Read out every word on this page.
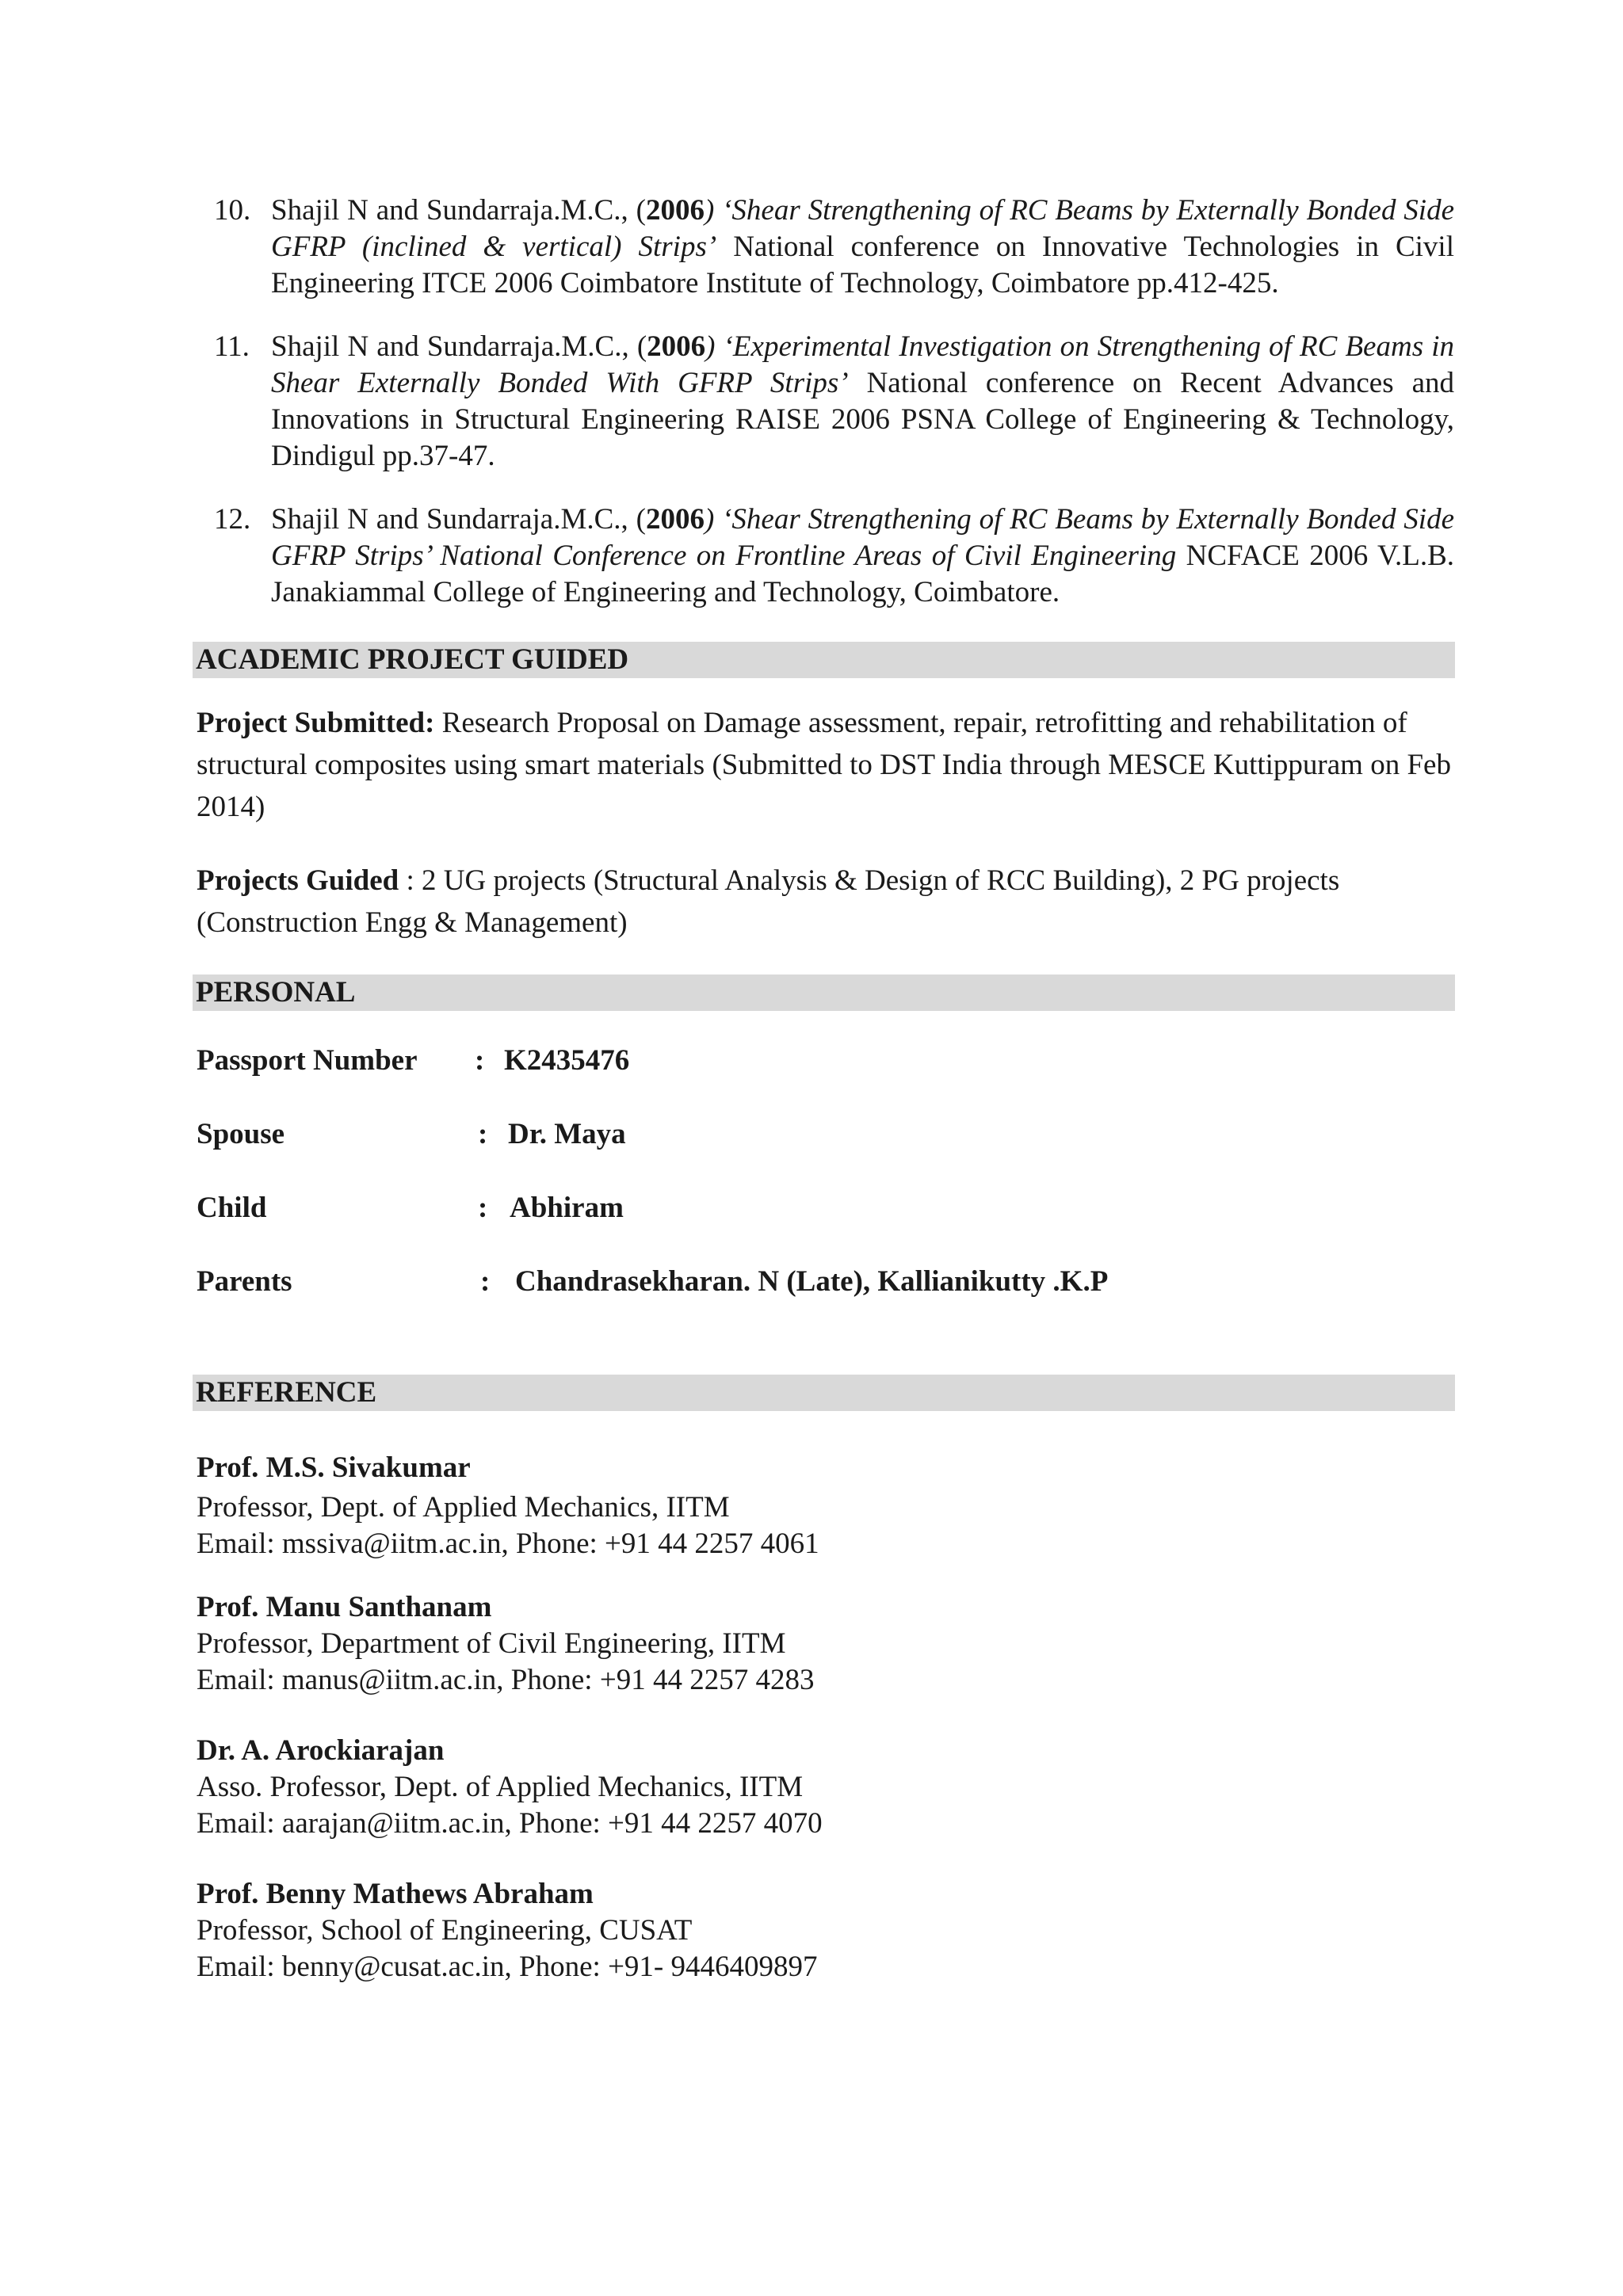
10. Shajil N and Sundarraja.M.C., (2006) ‘Shear Strengthening of RC Beams by Externally Bonded Side GFRP (inclined & vertical) Strips’ National conference on Innovative Technologies in Civil Engineering ITCE 2006 Coimbatore Institute of Technology, Coimbatore pp.412-425.
11. Shajil N and Sundarraja.M.C., (2006) ‘Experimental Investigation on Strengthening of RC Beams in Shear Externally Bonded With GFRP Strips’ National conference on Recent Advances and Innovations in Structural Engineering RAISE 2006 PSNA College of Engineering & Technology, Dindigul pp.37-47.
12. Shajil N and Sundarraja.M.C., (2006) ‘Shear Strengthening of RC Beams by Externally Bonded Side GFRP Strips’ National Conference on Frontline Areas of Civil Engineering NCFACE 2006 V.L.B. Janakiammal College of Engineering and Technology, Coimbatore.
ACADEMIC PROJECT GUIDED

Project Submitted: Research Proposal on Damage assessment, repair, retrofitting and rehabilitation of structural composites using smart materials (Submitted to DST India through MESCE Kuttippuram on Feb 2014)

Projects Guided : 2 UG projects (Structural Analysis & Design of RCC Building), 2 PG projects (Construction Engg & Management)

PERSONAL
Passport Number : K2435476
Spouse	: Dr. Maya
Child	: Abhiram
Parents	: Chandrasekharan. N (Late), Kallianikutty .K.P
REFERENCE
Prof. M.S. Sivakumar
Professor, Dept. of Applied Mechanics, IITM
Email: mssiva@iitm.ac.in, Phone: +91 44 2257 4061
Prof. Manu Santhanam
Professor, Department of Civil Engineering, IITM
Email: manus@iitm.ac.in, Phone: +91 44 2257 4283
Dr. A. Arockiarajan
Asso. Professor, Dept. of Applied Mechanics, IITM
Email: aarajan@iitm.ac.in, Phone: +91 44 2257 4070
Prof. Benny Mathews Abraham
Professor, School of Engineering, CUSAT
Email: benny@cusat.ac.in, Phone: +91- 9446409897
